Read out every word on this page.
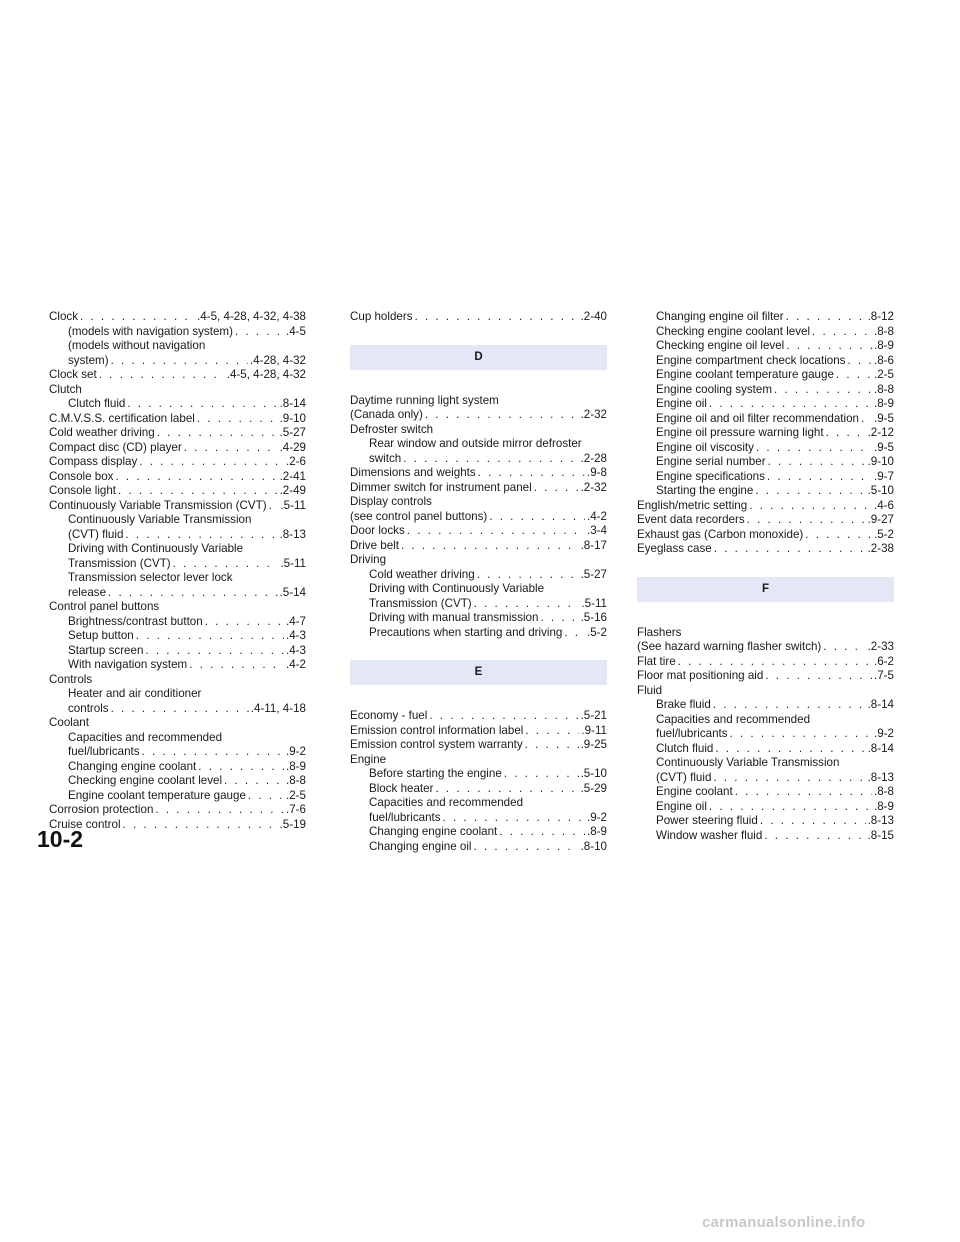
Clock . . .	.4-5, 4-28, 4-32, 4-38
(models with navigation system) . . .	.4-5
(models without navigation
system) . . .	.4-28, 4-32
Clock set . . .	.4-5, 4-28, 4-32
Clutch
Clutch fluid . . .	.8-14
C.M.V.S.S. certification label . . .	.9-10
Cold weather driving . . .	.5-27
Compact disc (CD) player . . .	.4-29
Compass display . . .	.2-6
Console box . . .	.2-41
Console light . . .	.2-49
Continuously Variable Transmission (CVT) . . . .5-11
Continuously Variable Transmission
(CVT) fluid . . .	.8-13
Driving with Continuously Variable
Transmission (CVT) . . .	.5-11
Transmission selector lever lock
release . . .	.5-14
Control panel buttons
Brightness/contrast button . . .	.4-7
Setup button . . .	.4-3
Startup screen . . .	.4-3
With navigation system . . .	.4-2
Controls
Heater and air conditioner
controls . . .	.4-11, 4-18
Coolant
Capacities and recommended
fuel/lubricants . . .	.9-2
Changing engine coolant . . .	.8-9
Checking engine coolant level . . .	.8-8
Engine coolant temperature gauge . . .	.2-5
Corrosion protection . . .	.7-6
Cruise control . . .	.5-19
Cup holders . . .	.2-40
D
Daytime running light system
(Canada only) . . .	.2-32
Defroster switch
Rear window and outside mirror defroster
switch . . .	.2-28
Dimensions and weights . . .	.9-8
Dimmer switch for instrument panel . . .	.2-32
Display controls
(see control panel buttons) . . .	.4-2
Door locks . . .	.3-4
Drive belt . . .	.8-17
Driving
Cold weather driving . . .	.5-27
Driving with Continuously Variable
Transmission (CVT) . . .	.5-11
Driving with manual transmission . . .	.5-16
Precautions when starting and driving . . . .5-2
E
Economy - fuel . . .	.5-21
Emission control information label . . .	.9-11
Emission control system warranty . . .	.9-25
Engine
Before starting the engine . . .	.5-10
Block heater . . .	.5-29
Capacities and recommended
fuel/lubricants . . .	.9-2
Changing engine coolant . . .	.8-9
Changing engine oil . . .	.8-10
Changing engine oil filter . . .	.8-12
Checking engine coolant level . . .	.8-8
Checking engine oil level . . .	.8-9
Engine compartment check locations . . . .8-6
Engine coolant temperature gauge . . .	.2-5
Engine cooling system . . .	.8-8
Engine oil . . .	.8-9
Engine oil and oil filter recommendation . . . .9-5
Engine oil pressure warning light . . .	.2-12
Engine oil viscosity . . .	.9-5
Engine serial number . . .	.9-10
Engine specifications . . .	.9-7
Starting the engine . . .	.5-10
English/metric setting . . .	.4-6
Event data recorders . . .	.9-27
Exhaust gas (Carbon monoxide) . . .	.5-2
Eyeglass case . . .	.2-38
F
Flashers
(See hazard warning flasher switch) . . .	.2-33
Flat tire . . .	.6-2
Floor mat positioning aid . . .	.7-5
Fluid
Brake fluid . . .	.8-14
Capacities and recommended
fuel/lubricants . . .	.9-2
Clutch fluid . . .	.8-14
Continuously Variable Transmission
(CVT) fluid . . .	.8-13
Engine coolant . . .	.8-8
Engine oil . . .	.8-9
Power steering fluid . . .	.8-13
Window washer fluid . . .	.8-15
10-2
carmanualsonline.info
